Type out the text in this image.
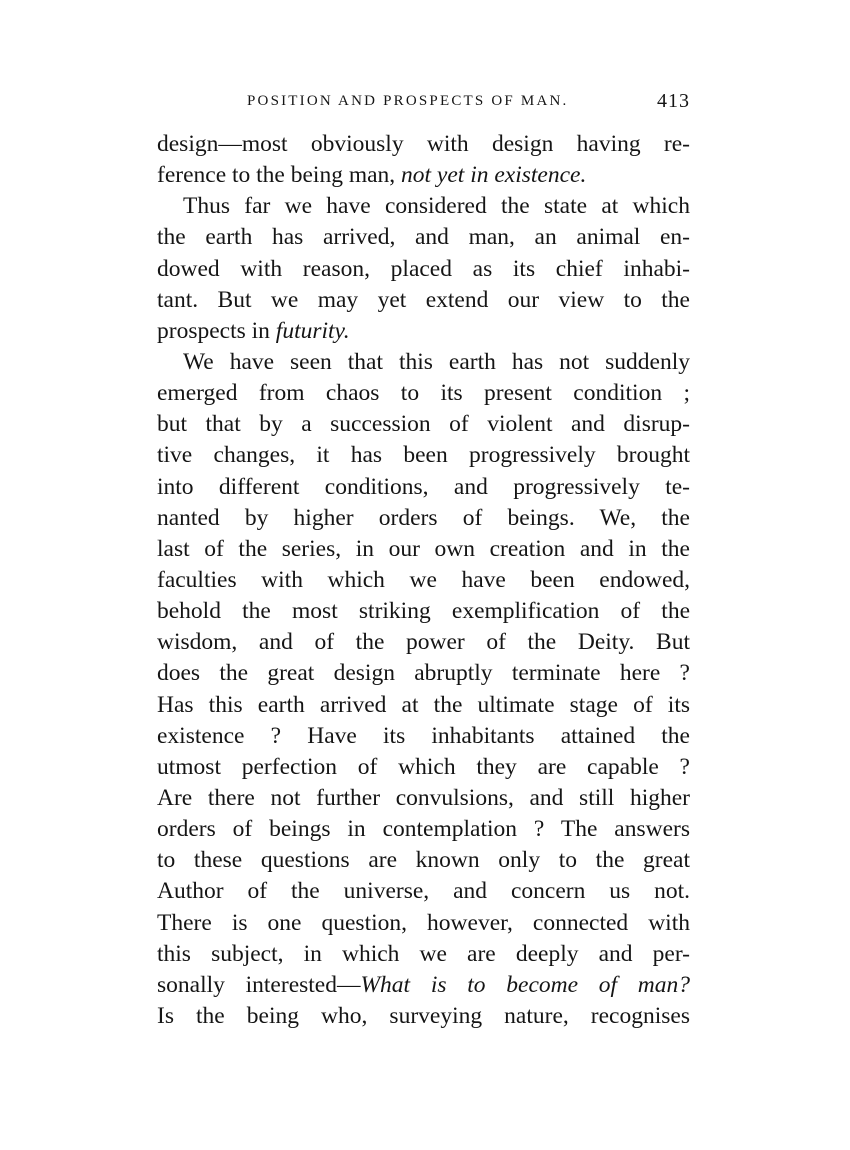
POSITION AND PROSPECTS OF MAN.	413
design—most obviously with design having re-
ference to the being man, not yet in existence.
Thus far we have considered the state at which
the earth has arrived, and man, an animal en-
dowed with reason, placed as its chief inhabi-
tant. But we may yet extend our view to the
prospects in futurity.
We have seen that this earth has not suddenly
emerged from chaos to its present condition ;
but that by a succession of violent and disrup-
tive changes, it has been progressively brought
into different conditions, and progressively te-
nanted by higher orders of beings. We, the
last of the series, in our own creation and in the
faculties with which we have been endowed,
behold the most striking exemplification of the
wisdom, and of the power of the Deity. But
does the great design abruptly terminate here ?
Has this earth arrived at the ultimate stage of its
existence ? Have its inhabitants attained the
utmost perfection of which they are capable ?
Are there not further convulsions, and still higher
orders of beings in contemplation ? The answers
to these questions are known only to the great
Author of the universe, and concern us not.
There is one question, however, connected with
this subject, in which we are deeply and per-
sonally interested—What is to become of man?
Is the being who, surveying nature, recognises
